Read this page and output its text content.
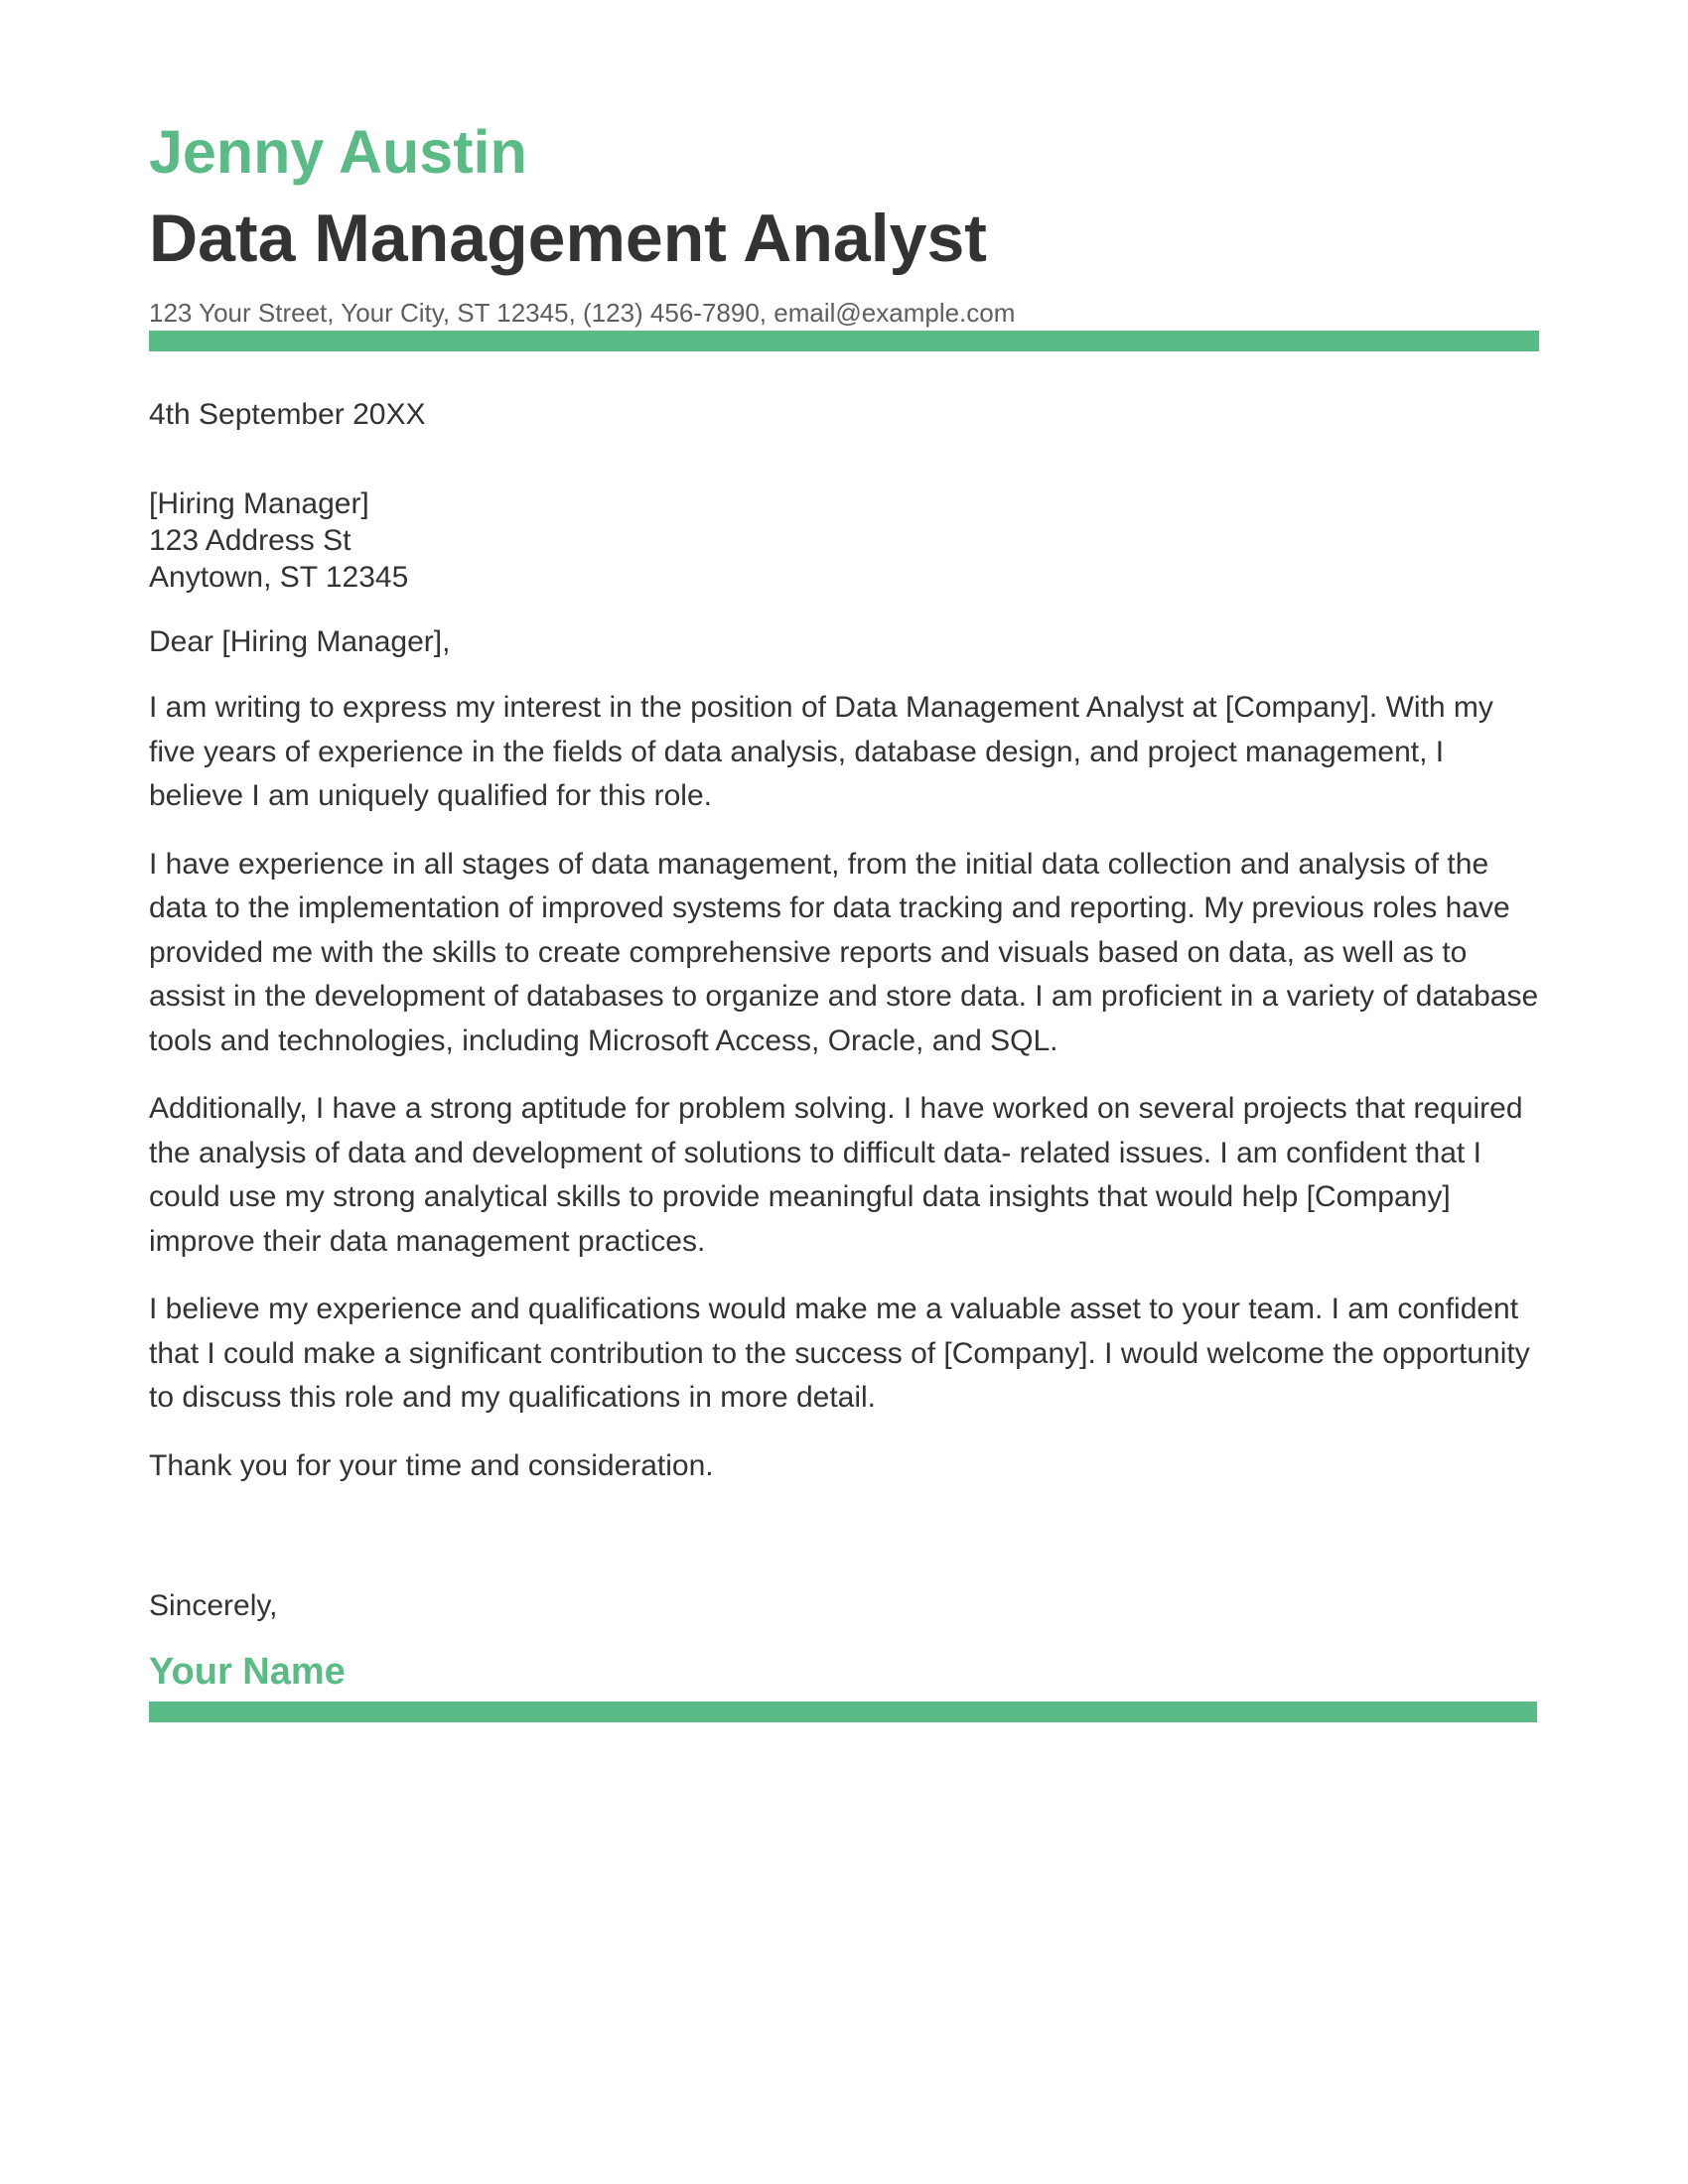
Jenny Austin
Data Management Analyst
123 Your Street, Your City, ST 12345, (123) 456-7890, email@example.com
4th September 20XX
[Hiring Manager]
123 Address St
Anytown, ST 12345
Dear [Hiring Manager],

I am writing to express my interest in the position of Data Management Analyst at [Company]. With my five years of experience in the fields of data analysis, database design, and project management, I believe I am uniquely qualified for this role.

I have experience in all stages of data management, from the initial data collection and analysis of the data to the implementation of improved systems for data tracking and reporting. My previous roles have provided me with the skills to create comprehensive reports and visuals based on data, as well as to assist in the development of databases to organize and store data. I am proficient in a variety of database tools and technologies, including Microsoft Access, Oracle, and SQL.

Additionally, I have a strong aptitude for problem solving. I have worked on several projects that required the analysis of data and development of solutions to difficult data- related issues. I am confident that I could use my strong analytical skills to provide meaningful data insights that would help [Company] improve their data management practices.

I believe my experience and qualifications would make me a valuable asset to your team. I am confident that I could make a significant contribution to the success of [Company]. I would welcome the opportunity to discuss this role and my qualifications in more detail.

Thank you for your time and consideration.
Sincerely,
Your Name
